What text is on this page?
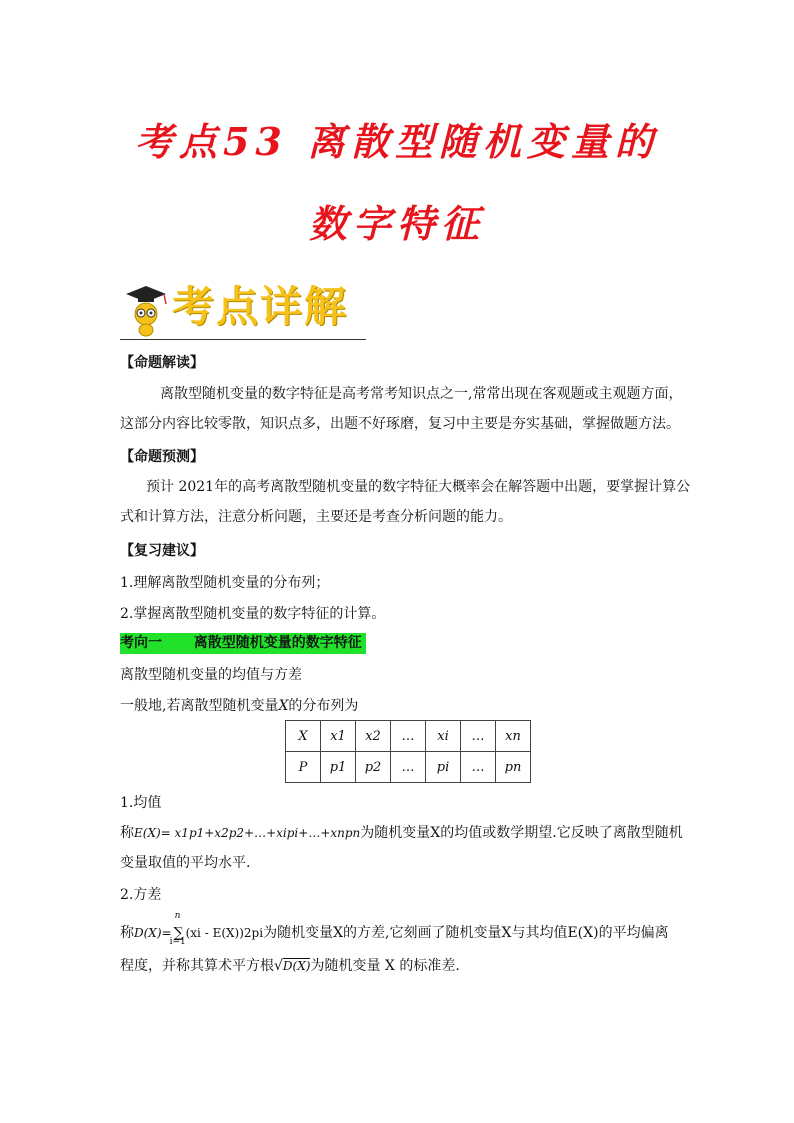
考点53 离散型随机变量的
数字特征
考点详解
【命题解读】
离散型随机变量的数字特征是高考常考知识点之一,常常出现在客观题或主观题方面，这部分内容比较零散，知识点多，出题不好琢磨，复习中主要是夯实基础，掌握做题方法。
【命题预测】
预计 2021年的高考离散型随机变量的数字特征大概率会在解答题中出题，要掌握计算公式和计算方法，注意分析问题，主要还是考查分析问题的能力。
【复习建议】
1.理解离散型随机变量的分布列；
2.掌握离散型随机变量的数字特征的计算。
考向一 离散型随机变量的数字特征
离散型随机变量的均值与方差
一般地,若离散型随机变量X的分布列为
X	x1	x2	…	xi	…	xn
P	p1	p2	…	pi	…	pn
1.均值
称E(X)= x1p1+x2p2+…+xipi+…+xnpn为随机变量X的均值或数学期望.它反映了离散型随机
变量取值的平均水平.
2.方差
称D(X)=
n
∑
i=1
(xi - E(X))2pi为随机变量X的方差,它刻画了随机变量X与其均值E(X)的平均偏离
程度，并称其算术平方根√D(X)为随机变量 X 的标准差.
